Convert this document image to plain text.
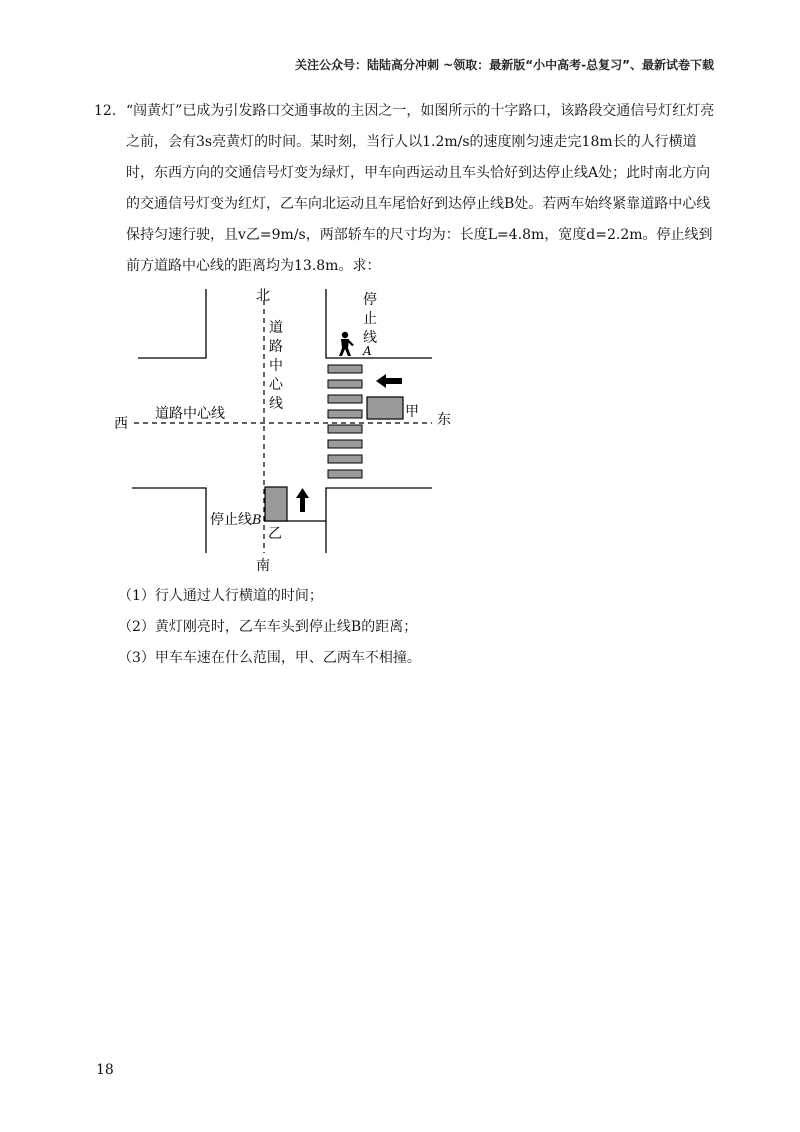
关注公众号：陆陆高分冲刺 ~领取：最新版“小中高考-总复习”、最新试卷下载
12. “闯黄灯”已成为引发路口交通事故的主因之一，如图所示的十字路口，该路段交通信号灯红灯亮之前，会有3s亮黄灯的时间。某时刻，当行人以1.2m/s的速度刚匀速走完18m长的人行横道时，东西方向的交通信号灯变为绿灯，甲车向西运动且车头恰好到达停止线A处；此时南北方向的交通信号灯变为红灯，乙车向北运动且车尾恰好到达停止线B处。若两车始终紧靠道路中心线保持匀速行驶，且v乙=9m/s，两部轿车的尺寸均为：长度L=4.8m，宽度d=2.2m。停止线到前方道路中心线的距离均为13.8m。求：
北
南
西	东
道
路
中
心
线
道路中心线
停
止
线
A
停止线 B
甲
乙
（1）行人通过人行横道的时间；
（2）黄灯刚亮时，乙车车头到停止线B的距离；
（3）甲车车速在什么范围，甲、乙两车不相撞。
18
